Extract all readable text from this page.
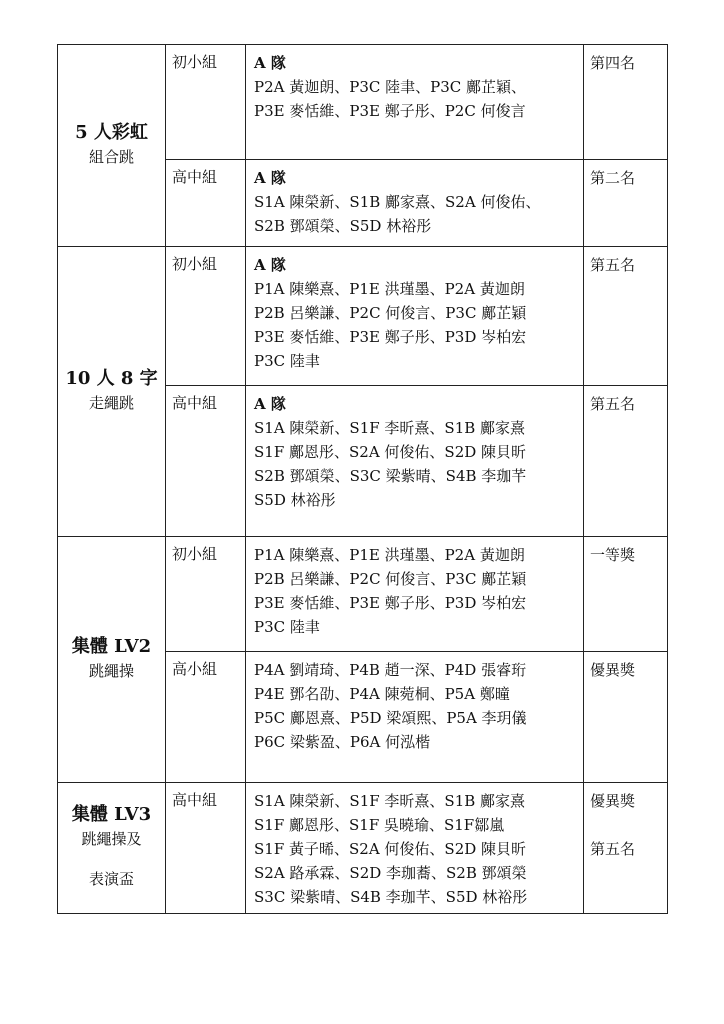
5 人彩虹
組合跳	初小組	A 隊
P2A 黃迦朗、P3C 陸聿、P3C 鄺芷穎、
P3E 麥恬維、P3E 鄭子彤、P2C 何俊言	第四名

	高中組	A 隊
S1A 陳榮新、S1B 鄺家熹、S2A 何俊佑、
S2B 鄧頌榮、S5D 林裕彤	第二名

10 人 8 字
走繩跳	初小組	A 隊
P1A 陳樂熹、P1E 洪瑾墨、P2A 黃迦朗
P2B 呂樂謙、P2C 何俊言、P3C 鄺芷穎
P3E 麥恬維、P3E 鄭子彤、P3D 岑柏宏
P3C 陸聿	第五名

	高中組	A 隊
S1A 陳榮新、S1F 李昕熹、S1B 鄺家熹
S1F 鄺恩彤、S2A 何俊佑、S2D 陳貝昕
S2B 鄧頌榮、S3C 梁紫晴、S4B 李珈芊
S5D 林裕彤	第五名

集體 LV2
跳繩操	初小組	P1A 陳樂熹、P1E 洪瑾墨、P2A 黃迦朗
P2B 呂樂謙、P2C 何俊言、P3C 鄺芷穎
P3E 麥恬維、P3E 鄭子彤、P3D 岑柏宏
P3C 陸聿	一等獎

	高小組	P4A 劉靖琦、P4B 趙一深、P4D 張睿珩
P4E 鄧名劭、P4A 陳菀桐、P5A 鄭曈
P5C 鄺恩熹、P5D 梁頌熙、P5A 李玥儀
P6C 梁紫盈、P6A 何泓楷	優異獎

集體 LV3
跳繩操及
表演盃	高中組	S1A 陳榮新、S1F 李昕熹、S1B 鄺家熹
S1F 鄺恩彤、S1F 吳曉瑜、S1F鄒嵐
S1F 黃子晞、S2A 何俊佑、S2D 陳貝昕
S2A 路承霖、S2D 李珈蕎、S2B 鄧頌榮
S3C 梁紫晴、S4B 李珈芊、S5D 林裕彤	優異獎
第五名
